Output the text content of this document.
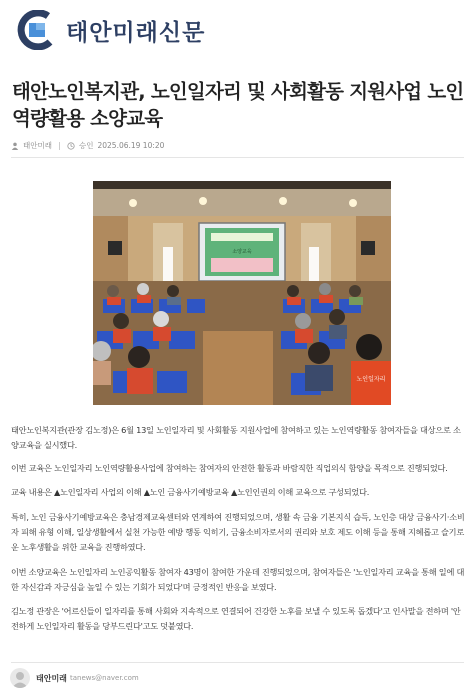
태안미래신문
태안노인복지관, 노인일자리 및 사회활동 지원사업 노인역량활용 소양교육
태안미래	승인 2025.06.19 10:20
소양교육
노인일자리

태안노인복지관(관장 김노정)은 6월 13일 노인일자리 및 사회활동 지원사업에 참여하고 있는 노인역량활동 참여자들을 대상으로 소양교육을 실시했다.

이번 교육은 노인일자리 노인역량활용사업에 참여하는 참여자의 안전한 활동과 바람직한 직업의식 함양을 목적으로 진행되었다.

교육 내용은 ▲노인일자리 사업의 이해 ▲노인 금융사기예방교육 ▲노인인권의 이해 교육으로 구성되었다.

특히, 노인 금융사기예방교육은 충남경제교육센터와 연계하여 진행되었으며, 생활 속 금융 기본지식 습득, 노인층 대상 금융사기·소비자 피해 유형 이해, 일상생활에서 실천 가능한 예방 행동 익히기, 금융소비자로서의 권리와 보호 제도 이해 등을 통해 지혜롭고 슬기로운 노후생활을 위한 교육을 진행하였다.

이번 소양교육은 노인일자리 노인공익활동 참여자 43명이 참여한 가운데 진행되었으며, 참여자들은 '노인일자리 교육을 통해 일에 대한 자신감과 자긍심을 높일 수 있는 기회가 되었다'며 긍정적인 반응을 보였다.

김노정 관장은 '어르신들이 일자리를 통해 사회와 지속적으로 연결되어 건강한 노후를 보낼 수 있도록 돕겠다'고 인사말을 전하며 '안전하게 노인일자리 활동을 당부드린다'고도 덧붙였다.

태안미래 tanews@naver.com
